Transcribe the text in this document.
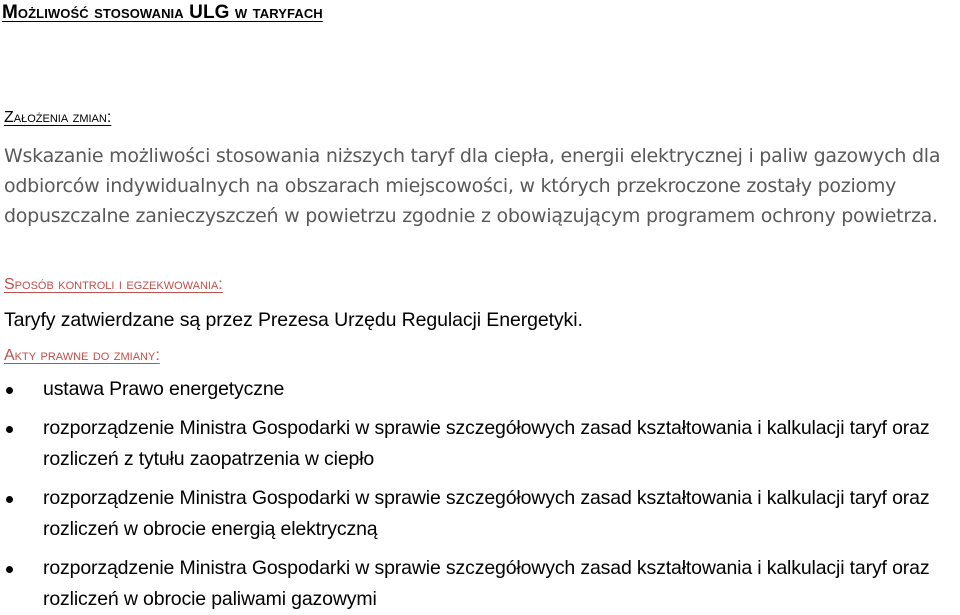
Możliwość stosowania ULG w taryfach
Założenia zmian:
Wskazanie możliwości stosowania niższych taryf dla ciepła, energii elektrycznej i paliw gazowych dla odbiorców indywidualnych na obszarach miejscowości, w których przekroczone zostały poziomy dopuszczalne zanieczyszczeń w powietrzu zgodnie z obowiązującym programem ochrony powietrza.
Sposób kontroli i egzekwowania:
Taryfy zatwierdzane są przez Prezesa Urzędu Regulacji Energetyki.
Akty prawne do zmiany:
ustawa Prawo energetyczne
rozporządzenie Ministra Gospodarki w sprawie szczegółowych zasad kształtowania i kalkulacji taryf oraz rozliczeń z tytułu zaopatrzenia w ciepło
rozporządzenie Ministra Gospodarki w sprawie szczegółowych zasad kształtowania i kalkulacji taryf oraz rozliczeń w obrocie energią elektryczną
rozporządzenie Ministra Gospodarki w sprawie szczegółowych zasad kształtowania i kalkulacji taryf oraz rozliczeń w obrocie paliwami gazowymi
